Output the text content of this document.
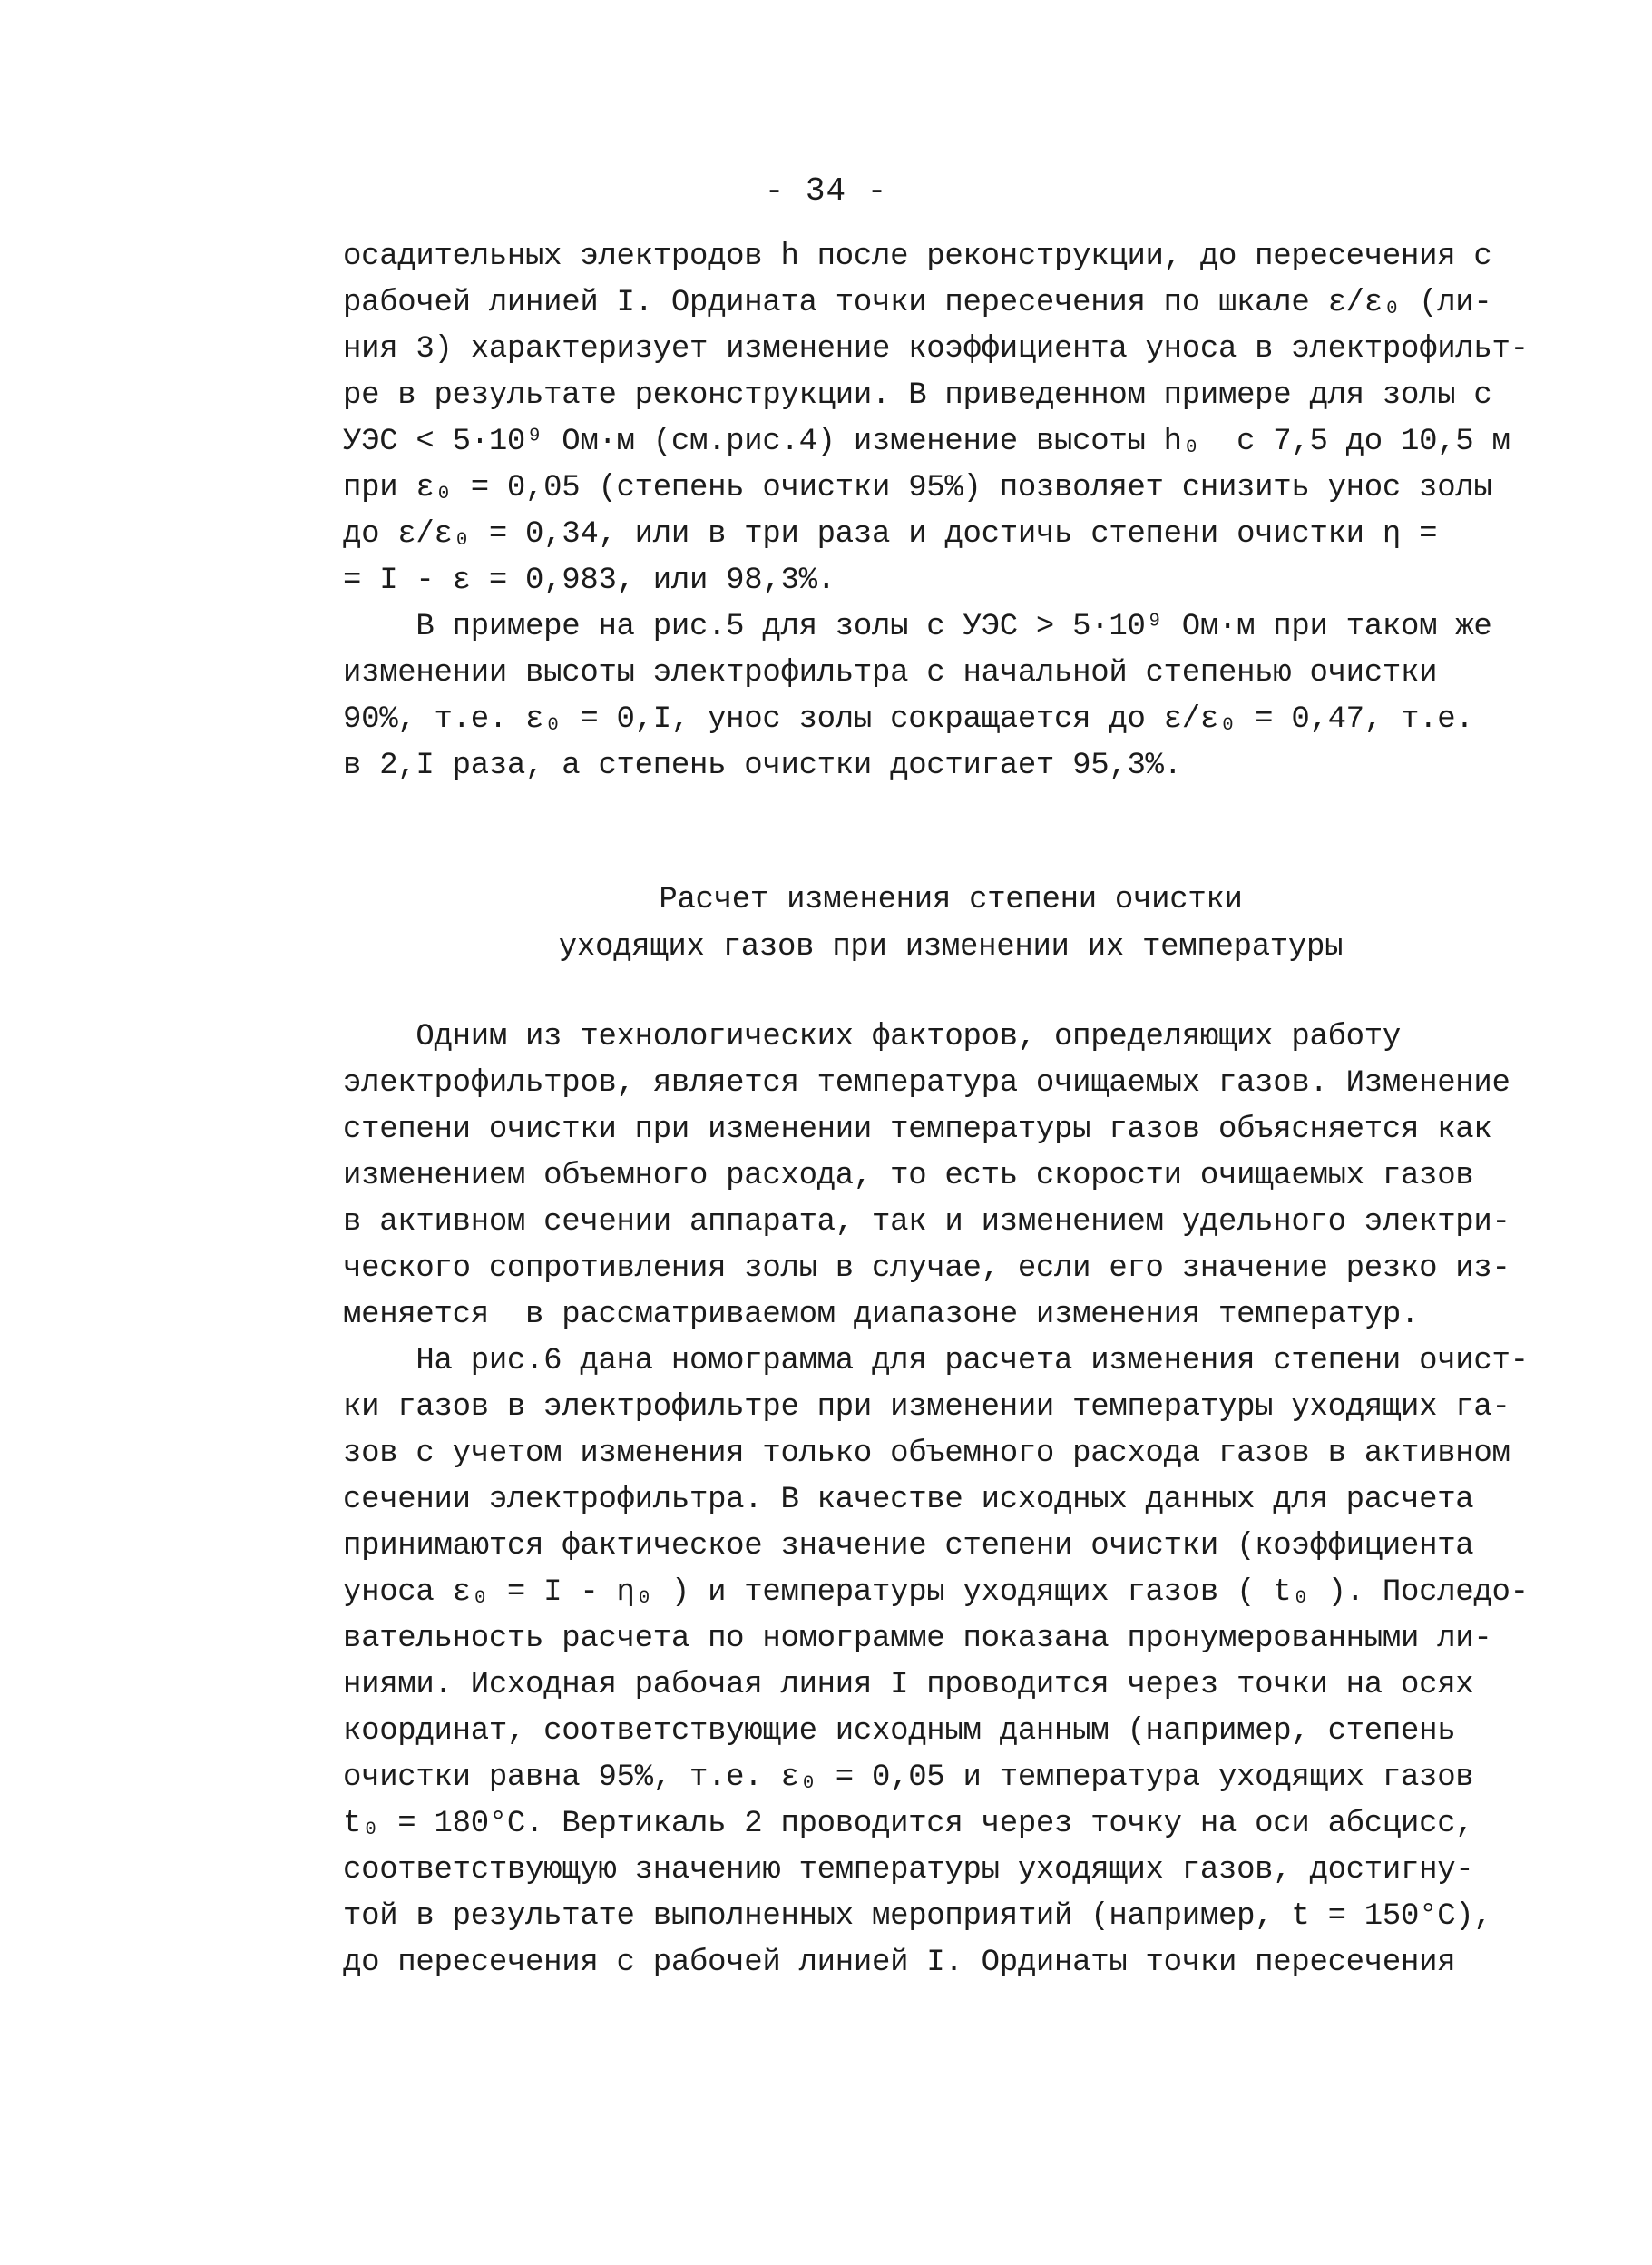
- 34 -
осадительных электродов h после реконструкции, до пересечения с
рабочей линией I. Ордината точки пересечения по шкале ε/ε₀ (ли-
ния 3) характеризует изменение коэффициента уноса в электрофильт-
ре в результате реконструкции. В приведенном примере для золы с
УЭС < 5·10⁹ Ом·м (см.рис.4) изменение высоты h₀  с 7,5 до 10,5 м
при ε₀ = 0,05 (степень очистки 95%) позволяет снизить унос золы
до ε/ε₀ = 0,34, или в три раза и достичь степени очистки η =
= I - ε = 0,983, или 98,3%.
В примере на рис.5 для золы с УЭС > 5·10⁹ Ом·м при таком же
изменении высоты электрофильтра с начальной степенью очистки
90%, т.е. ε₀ = 0,I, унос золы сокращается до ε/ε₀ = 0,47, т.е.
в 2,I раза, а степень очистки достигает 95,3%.
Расчет изменения степени очистки
уходящих газов при изменении их температуры
Одним из технологических факторов, определяющих работу
электрофильтров, является температура очищаемых газов. Изменение
степени очистки при изменении температуры газов объясняется как
изменением объемного расхода, то есть скорости очищаемых газов
в активном сечении аппарата, так и изменением удельного электри-
ческого сопротивления золы в случае, если его значение резко из-
меняется  в рассматриваемом диапазоне изменения температур.
На рис.6 дана номограмма для расчета изменения степени очист-
ки газов в электрофильтре при изменении температуры уходящих га-
зов с учетом изменения только объемного расхода газов в активном
сечении электрофильтра. В качестве исходных данных для расчета
принимаются фактическое значение степени очистки (коэффициента
уноса ε₀ = I - η₀ ) и температуры уходящих газов ( t₀ ). Последо-
вательность расчета по номограмме показана пронумерованными ли-
ниями. Исходная рабочая линия I проводится через точки на осях
координат, соответствующие исходным данным (например, степень
очистки равна 95%, т.е. ε₀ = 0,05 и температура уходящих газов
t₀ = 180°С. Вертикаль 2 проводится через точку на оси абсцисс,
соответствующую значению температуры уходящих газов, достигну-
той в результате выполненных мероприятий (например, t = 150°С),
до пересечения с рабочей линией I. Ординаты точки пересечения
